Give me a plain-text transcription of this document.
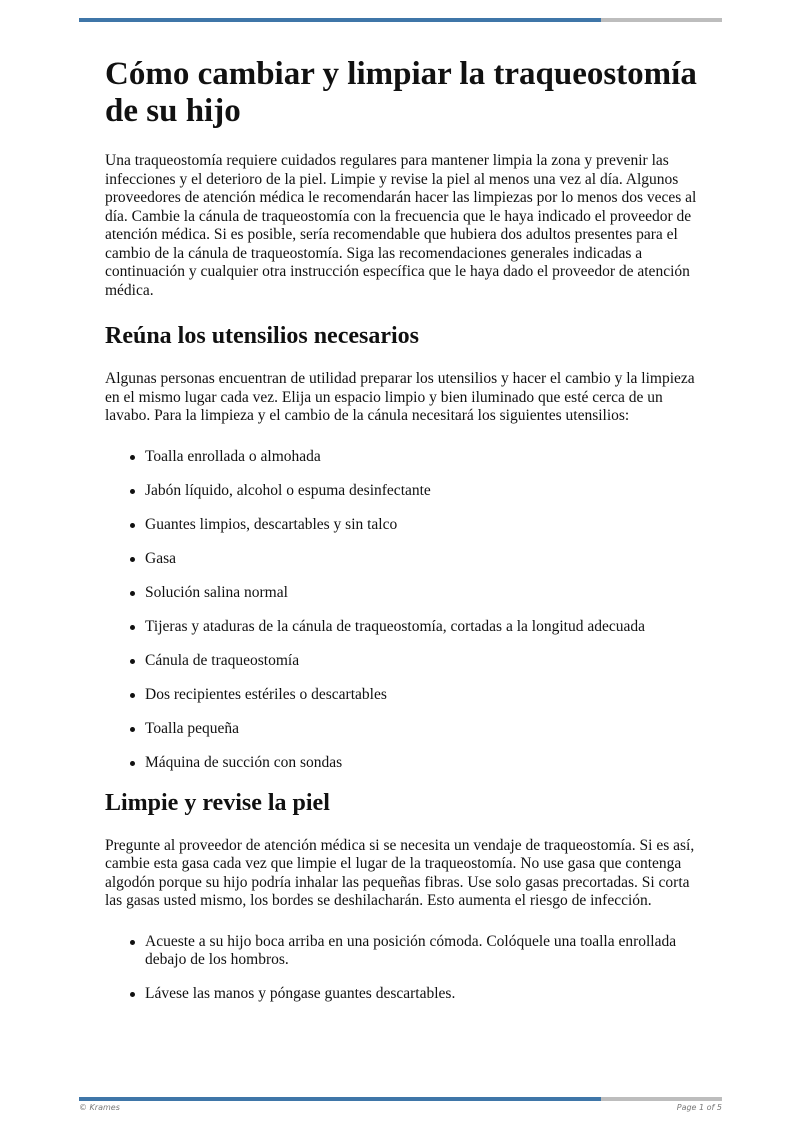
Cómo cambiar y limpiar la traqueostomía de su hijo

Una traqueostomía requiere cuidados regulares para mantener limpia la zona y prevenir las infecciones y el deterioro de la piel. Limpie y revise la piel al menos una vez al día. Algunos proveedores de atención médica le recomendarán hacer las limpiezas por lo menos dos veces al día. Cambie la cánula de traqueostomía con la frecuencia que le haya indicado el proveedor de atención médica. Si es posible, sería recomendable que hubiera dos adultos presentes para el cambio de la cánula de traqueostomía. Siga las recomendaciones generales indicadas a continuación y cualquier otra instrucción específica que le haya dado el proveedor de atención médica.

Reúna los utensilios necesarios

Algunas personas encuentran de utilidad preparar los utensilios y hacer el cambio y la limpieza en el mismo lugar cada vez. Elija un espacio limpio y bien iluminado que esté cerca de un lavabo. Para la limpieza y el cambio de la cánula necesitará los siguientes utensilios:

Toalla enrollada o almohada
Jabón líquido, alcohol o espuma desinfectante
Guantes limpios, descartables y sin talco
Gasa
Solución salina normal
Tijeras y ataduras de la cánula de traqueostomía, cortadas a la longitud adecuada
Cánula de traqueostomía
Dos recipientes estériles o descartables
Toalla pequeña
Máquina de succión con sondas
Limpie y revise la piel

Pregunte al proveedor de atención médica si se necesita un vendaje de traqueostomía. Si es así, cambie esta gasa cada vez que limpie el lugar de la traqueostomía. No use gasa que contenga algodón porque su hijo podría inhalar las pequeñas fibras. Use solo gasas precortadas. Si corta las gasas usted mismo, los bordes se deshilacharán. Esto aumenta el riesgo de infección.

Acueste a su hijo boca arriba en una posición cómoda. Colóquele una toalla enrollada debajo de los hombros.
Lávese las manos y póngase guantes descartables.
© Krames	Page 1 of 5
